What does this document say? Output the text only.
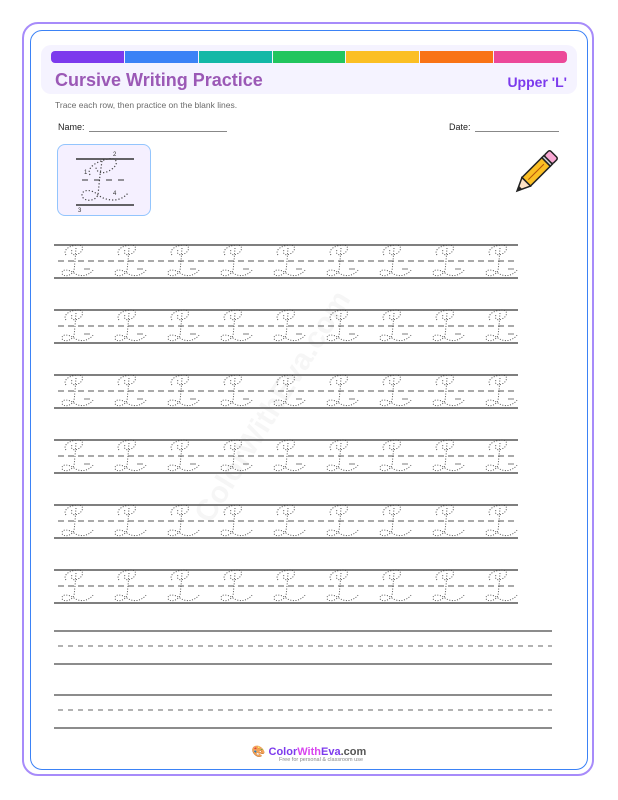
Cursive Writing Practice	Upper 'L'
Trace each row, then practice on the blank lines.
Name:	Date:
2
1
4
3
🎨 ColorWithEva.com
Free for personal & classroom use
